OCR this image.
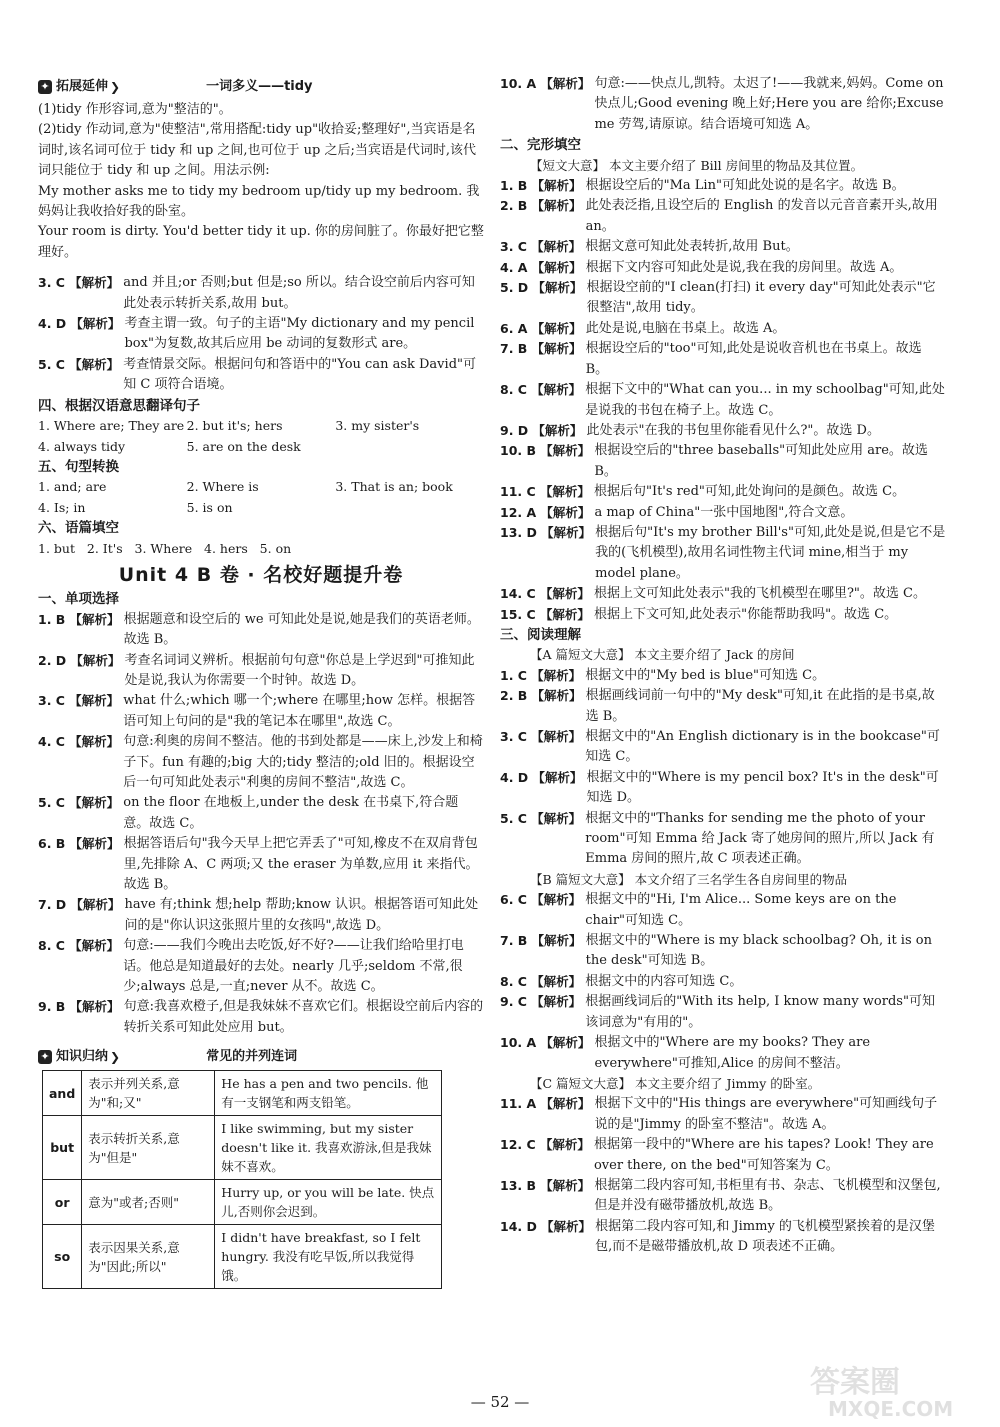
✦ 拓展延伸 ❯	一词多义——tidy

(1)tidy 作形容词,意为"整洁的"。

(2)tidy 作动词,意为"使整洁",常用搭配:tidy up"收拾妥;整理好",当宾语是名词时,该名词可位于 tidy 和 up 之间,也可位于 up 之后;当宾语是代词时,该代词只能位于 tidy 和 up 之间。用法示例:

My mother asks me to tidy my bedroom up/tidy up my bedroom. 我妈妈让我收拾好我的卧室。

Your room is dirty. You'd better tidy it up. 你的房间脏了。你最好把它整理好。

3. C
【解析】
and 并且;or 否则;but 但是;so 所以。结合设空前后内容可知此处表示转折关系,故用 but。
4. D
【解析】
考查主谓一致。句子的主语"My dictionary and my pencil box"为复数,故其后应用 be 动词的复数形式 are。
5. C
【解析】
考查情景交际。根据问句和答语中的"You can ask David"可知 C 项符合语境。
四、根据汉语意思翻译句子
1. Where are; They are 2. but it's; hers	3. my sister's
4. always tidy	5. are on the desk
五、句型转换
1. and; are	2. Where is	3. That is an; book
4. Is; in	5. is on
六、语篇填空
1. but   2. It's   3. Where   4. hers   5. on
Unit 4 B 卷 · 名校好题提升卷
一、单项选择
1. B
【解析】
根据题意和设空后的 we 可知此处是说,她是我们的英语老师。故选 B。
2. D
【解析】
考查名词词义辨析。根据前句句意"你总是上学迟到"可推知此处是说,我认为你需要一个时钟。故选 D。
3. C
【解析】
what 什么;which 哪一个;where 在哪里;how 怎样。根据答语可知上句问的是"我的笔记本在哪里",故选 C。
4. C
【解析】
句意:利奥的房间不整洁。他的书到处都是——床上,沙发上和椅子下。fun 有趣的;big 大的;tidy 整洁的;old 旧的。根据设空后一句可知此处表示"利奥的房间不整洁",故选 C。
5. C
【解析】
on the floor 在地板上,under the desk 在书桌下,符合题意。故选 C。
6. B
【解析】
根据答语后句"我今天早上把它弄丢了"可知,橡皮不在双肩背包里,先排除 A、C 两项;又 the eraser 为单数,应用 it 来指代。故选 B。
7. D
【解析】
have 有;think 想;help 帮助;know 认识。根据答语可知此处问的是"你认识这张照片里的女孩吗",故选 D。
8. C
【解析】
句意:——我们今晚出去吃饭,好不好?——让我们给哈里打电话。他总是知道最好的去处。nearly 几乎;seldom 不常,很少;always 总是,一直;never 从不。故选 C。
9. B
【解析】
句意:我喜欢橙子,但是我妹妹不喜欢它们。根据设空前后内容的转折关系可知此处应用 but。
✦ 知识归纳 ❯	常见的并列连词
and	表示并列关系,意为"和;又"	He has a pen and two pencils. 他有一支钢笔和两支铅笔。
but	表示转折关系,意为"但是"	I like swimming, but my sister doesn't like it. 我喜欢游泳,但是我妹妹不喜欢。
or	意为"或者;否则"	Hurry up, or you will be late. 快点儿,否则你会迟到。
so	表示因果关系,意为"因此;所以"	I didn't have breakfast, so I felt hungry. 我没有吃早饭,所以我觉得饿。
10. A
【解析】
句意:——快点儿,凯特。太迟了!——我就来,妈妈。Come on 快点儿;Good evening 晚上好;Here you are 给你;Excuse me 劳驾,请原谅。结合语境可知选 A。
二、完形填空
【短文大意】 本文主要介绍了 Bill 房间里的物品及其位置。
1. B
【解析】
根据设空后的"Ma Lin"可知此处说的是名字。故选 B。
2. B
【解析】
此处表泛指,且设空后的 English 的发音以元音音素开头,故用 an。
3. C
【解析】
根据文意可知此处表转折,故用 But。
4. A
【解析】
根据下文内容可知此处是说,我在我的房间里。故选 A。
5. D
【解析】
根据设空前的"I clean(打扫) it every day"可知此处表示"它很整洁",故用 tidy。
6. A
【解析】
此处是说,电脑在书桌上。故选 A。
7. B
【解析】
根据设空后的"too"可知,此处是说收音机也在书桌上。故选 B。
8. C
【解析】
根据下文中的"What can you... in my schoolbag"可知,此处是说我的书包在椅子上。故选 C。
9. D
【解析】
此处表示"在我的书包里你能看见什么?"。故选 D。
10. B
【解析】
根据设空后的"three baseballs"可知此处应用 are。故选 B。
11. C
【解析】
根据后句"It's red"可知,此处询问的是颜色。故选 C。
12. A
【解析】
a map of China"一张中国地图",符合文意。
13. D
【解析】
根据后句"It's my brother Bill's"可知,此处是说,但是它不是我的(飞机模型),故用名词性物主代词 mine,相当于 my model plane。
14. C
【解析】
根据上文可知此处表示"我的飞机模型在哪里?"。故选 C。
15. C
【解析】
根据上下文可知,此处表示"你能帮助我吗"。故选 C。
三、阅读理解
【A 篇短文大意】 本文主要介绍了 Jack 的房间
1. C
【解析】
根据文中的"My bed is blue"可知选 C。
2. B
【解析】
根据画线词前一句中的"My desk"可知,it 在此指的是书桌,故选 B。
3. C
【解析】
根据文中的"An English dictionary is in the bookcase"可知选 C。
4. D
【解析】
根据文中的"Where is my pencil box? It's in the desk"可知选 D。
5. C
【解析】
根据文中的"Thanks for sending me the photo of your room"可知 Emma 给 Jack 寄了她房间的照片,所以 Jack 有 Emma 房间的照片,故 C 项表述正确。
【B 篇短文大意】 本文介绍了三名学生各自房间里的物品
6. C
【解析】
根据文中的"Hi, I'm Alice... Some keys are on the chair"可知选 C。
7. B
【解析】
根据文中的"Where is my black schoolbag? Oh, it is on the desk"可知选 B。
8. C
【解析】
根据文中的内容可知选 C。
9. C
【解析】
根据画线词后的"With its help, I know many words"可知该词意为"有用的"。
10. A
【解析】
根据文中的"Where are my books? They are everywhere"可推知,Alice 的房间不整洁。
【C 篇短文大意】 本文主要介绍了 Jimmy 的卧室。
11. A
【解析】
根据下文中的"His things are everywhere"可知画线句子说的是"Jimmy 的卧室不整洁"。故选 A。
12. C
【解析】
根据第一段中的"Where are his tapes? Look! They are over there, on the bed"可知答案为 C。
13. B
【解析】
根据第二段内容可知,书柜里有书、杂志、飞机模型和汉堡包,但是并没有磁带播放机,故选 B。
14. D
【解析】
根据第二段内容可知,和 Jimmy 的飞机模型紧挨着的是汉堡包,而不是磁带播放机,故 D 项表述不正确。
— 52 —
答案圈
MXQE.COM
